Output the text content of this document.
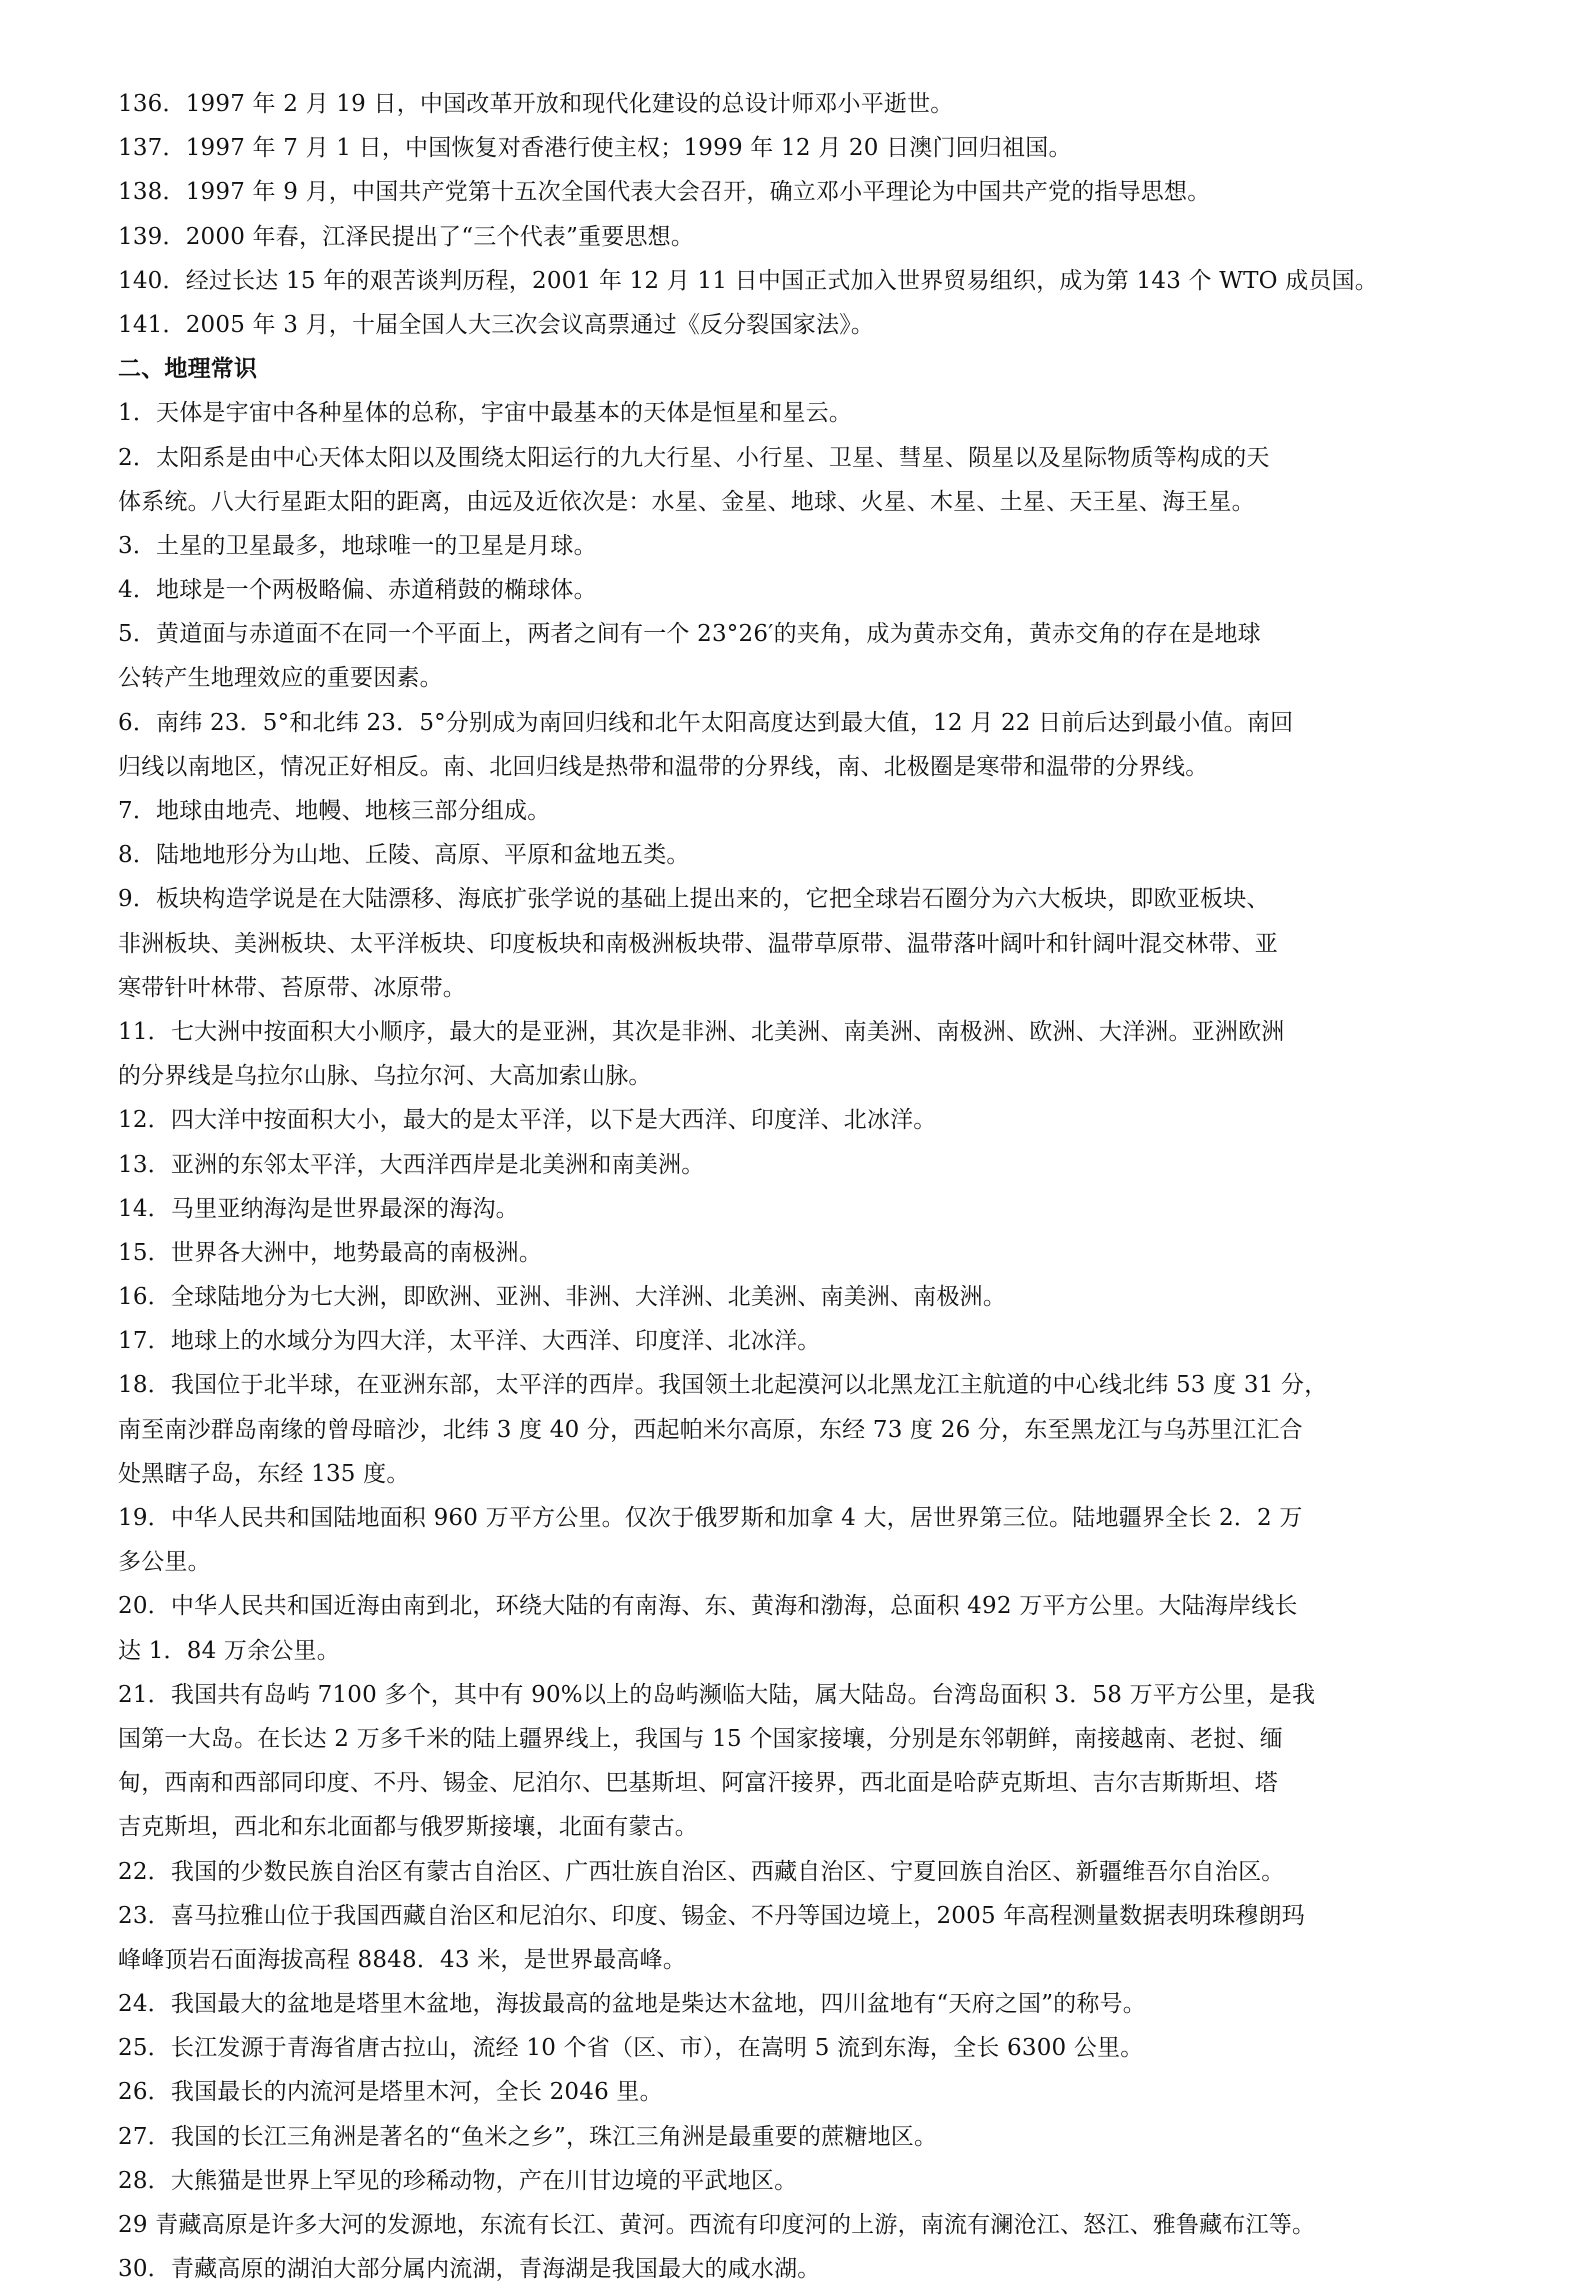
136．1997 年 2 月 19 日，中国改革开放和现代化建设的总设计师邓小平逝世。
137．1997 年 7 月 1 日，中国恢复对香港行使主权；1999 年 12 月 20 日澳门回归祖国。
138．1997 年 9 月，中国共产党第十五次全国代表大会召开，确立邓小平理论为中国共产党的指导思想。
139．2000 年春，江泽民提出了“三个代表”重要思想。
140．经过长达 15 年的艰苦谈判历程，2001 年 12 月 11 日中国正式加入世界贸易组织，成为第 143 个 WTO 成员国。
141．2005 年 3 月，十届全国人大三次会议高票通过《反分裂国家法》。
二、地理常识
1．天体是宇宙中各种星体的总称，宇宙中最基本的天体是恒星和星云。
2．太阳系是由中心天体太阳以及围绕太阳运行的九大行星、小行星、卫星、彗星、陨星以及星际物质等构成的天
体系统。八大行星距太阳的距离，由远及近依次是：水星、金星、地球、火星、木星、土星、天王星、海王星。
3．土星的卫星最多，地球唯一的卫星是月球。
4．地球是一个两极略偏、赤道稍鼓的椭球体。
5．黄道面与赤道面不在同一个平面上，两者之间有一个 23°26′的夹角，成为黄赤交角，黄赤交角的存在是地球
公转产生地理效应的重要因素。
6．南纬 23．5°和北纬 23．5°分别成为南回归线和北午太阳高度达到最大值，12 月 22 日前后达到最小值。南回
归线以南地区，情况正好相反。南、北回归线是热带和温带的分界线，南、北极圈是寒带和温带的分界线。
7．地球由地壳、地幔、地核三部分组成。
8．陆地地形分为山地、丘陵、高原、平原和盆地五类。
9．板块构造学说是在大陆漂移、海底扩张学说的基础上提出来的，它把全球岩石圈分为六大板块，即欧亚板块、
非洲板块、美洲板块、太平洋板块、印度板块和南极洲板块带、温带草原带、温带落叶阔叶和针阔叶混交林带、亚
寒带针叶林带、苔原带、冰原带。
11．七大洲中按面积大小顺序，最大的是亚洲，其次是非洲、北美洲、南美洲、南极洲、欧洲、大洋洲。亚洲欧洲
的分界线是乌拉尔山脉、乌拉尔河、大高加索山脉。
12．四大洋中按面积大小，最大的是太平洋，以下是大西洋、印度洋、北冰洋。
13．亚洲的东邻太平洋，大西洋西岸是北美洲和南美洲。
14．马里亚纳海沟是世界最深的海沟。
15．世界各大洲中，地势最高的南极洲。
16．全球陆地分为七大洲，即欧洲、亚洲、非洲、大洋洲、北美洲、南美洲、南极洲。
17．地球上的水域分为四大洋，太平洋、大西洋、印度洋、北冰洋。
18．我国位于北半球，在亚洲东部，太平洋的西岸。我国领土北起漠河以北黑龙江主航道的中心线北纬 53 度 31 分，
南至南沙群岛南缘的曾母暗沙，北纬 3 度 40 分，西起帕米尔高原，东经 73 度 26 分，东至黑龙江与乌苏里江汇合
处黑瞎子岛，东经 135 度。
19．中华人民共和国陆地面积 960 万平方公里。仅次于俄罗斯和加拿 4 大，居世界第三位。陆地疆界全长 2．2 万
多公里。
20．中华人民共和国近海由南到北，环绕大陆的有南海、东、黄海和渤海，总面积 492 万平方公里。大陆海岸线长
达 1．84 万余公里。
21．我国共有岛屿 7100 多个，其中有 90%以上的岛屿濒临大陆，属大陆岛。台湾岛面积 3．58 万平方公里，是我
国第一大岛。在长达 2 万多千米的陆上疆界线上，我国与 15 个国家接壤，分别是东邻朝鲜，南接越南、老挝、缅
甸，西南和西部同印度、不丹、锡金、尼泊尔、巴基斯坦、阿富汗接界，西北面是哈萨克斯坦、吉尔吉斯斯坦、塔
吉克斯坦，西北和东北面都与俄罗斯接壤，北面有蒙古。
22．我国的少数民族自治区有蒙古自治区、广西壮族自治区、西藏自治区、宁夏回族自治区、新疆维吾尔自治区。
23．喜马拉雅山位于我国西藏自治区和尼泊尔、印度、锡金、不丹等国边境上，2005 年高程测量数据表明珠穆朗玛
峰峰顶岩石面海拔高程 8848．43 米，是世界最高峰。
24．我国最大的盆地是塔里木盆地，海拔最高的盆地是柴达木盆地，四川盆地有“天府之国”的称号。
25．长江发源于青海省唐古拉山，流经 10 个省（区、市），在嵩明 5 流到东海，全长 6300 公里。
26．我国最长的内流河是塔里木河，全长 2046 里。
27．我国的长江三角洲是著名的“鱼米之乡”，珠江三角洲是最重要的蔗糖地区。
28．大熊猫是世界上罕见的珍稀动物，产在川甘边境的平武地区。
29 青藏高原是许多大河的发源地，东流有长江、黄河。西流有印度河的上游，南流有澜沧江、怒江、雅鲁藏布江等。
30．青藏高原的湖泊大部分属内流湖，青海湖是我国最大的咸水湖。
